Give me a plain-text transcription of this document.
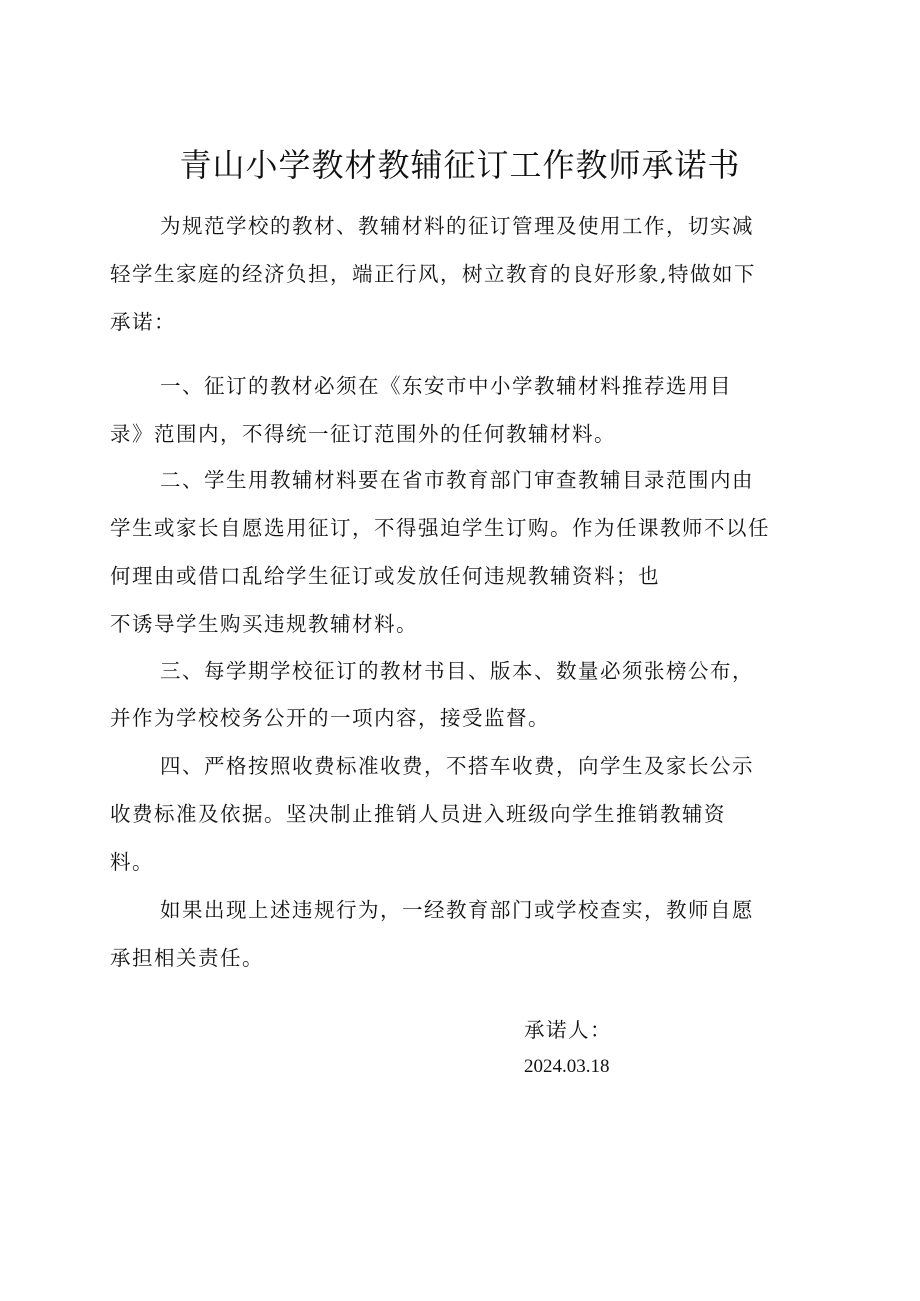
青山小学教材教辅征订工作教师承诺书
为规范学校的教材、教辅材料的征订管理及使用工作，切实减
轻学生家庭的经济负担，端正行风，树立教育的良好形象,特做如下
承诺：
一、征订的教材必须在《东安市中小学教辅材料推荐选用目
录》范围内，不得统一征订范围外的任何教辅材料。
二、学生用教辅材料要在省市教育部门审查教辅目录范围内由
学生或家长自愿选用征订，不得强迫学生订购。作为任课教师不以任
何理由或借口乱给学生征订或发放任何违规教辅资料；也
不诱导学生购买违规教辅材料。
三、每学期学校征订的教材书目、版本、数量必须张榜公布，
并作为学校校务公开的一项内容，接受监督。
四、严格按照收费标准收费，不搭车收费，向学生及家长公示
收费标准及依据。坚决制止推销人员进入班级向学生推销教辅资
料。
如果出现上述违规行为，一经教育部门或学校查实，教师自愿
承担相关责任。
承诺人：
2024.03.18
